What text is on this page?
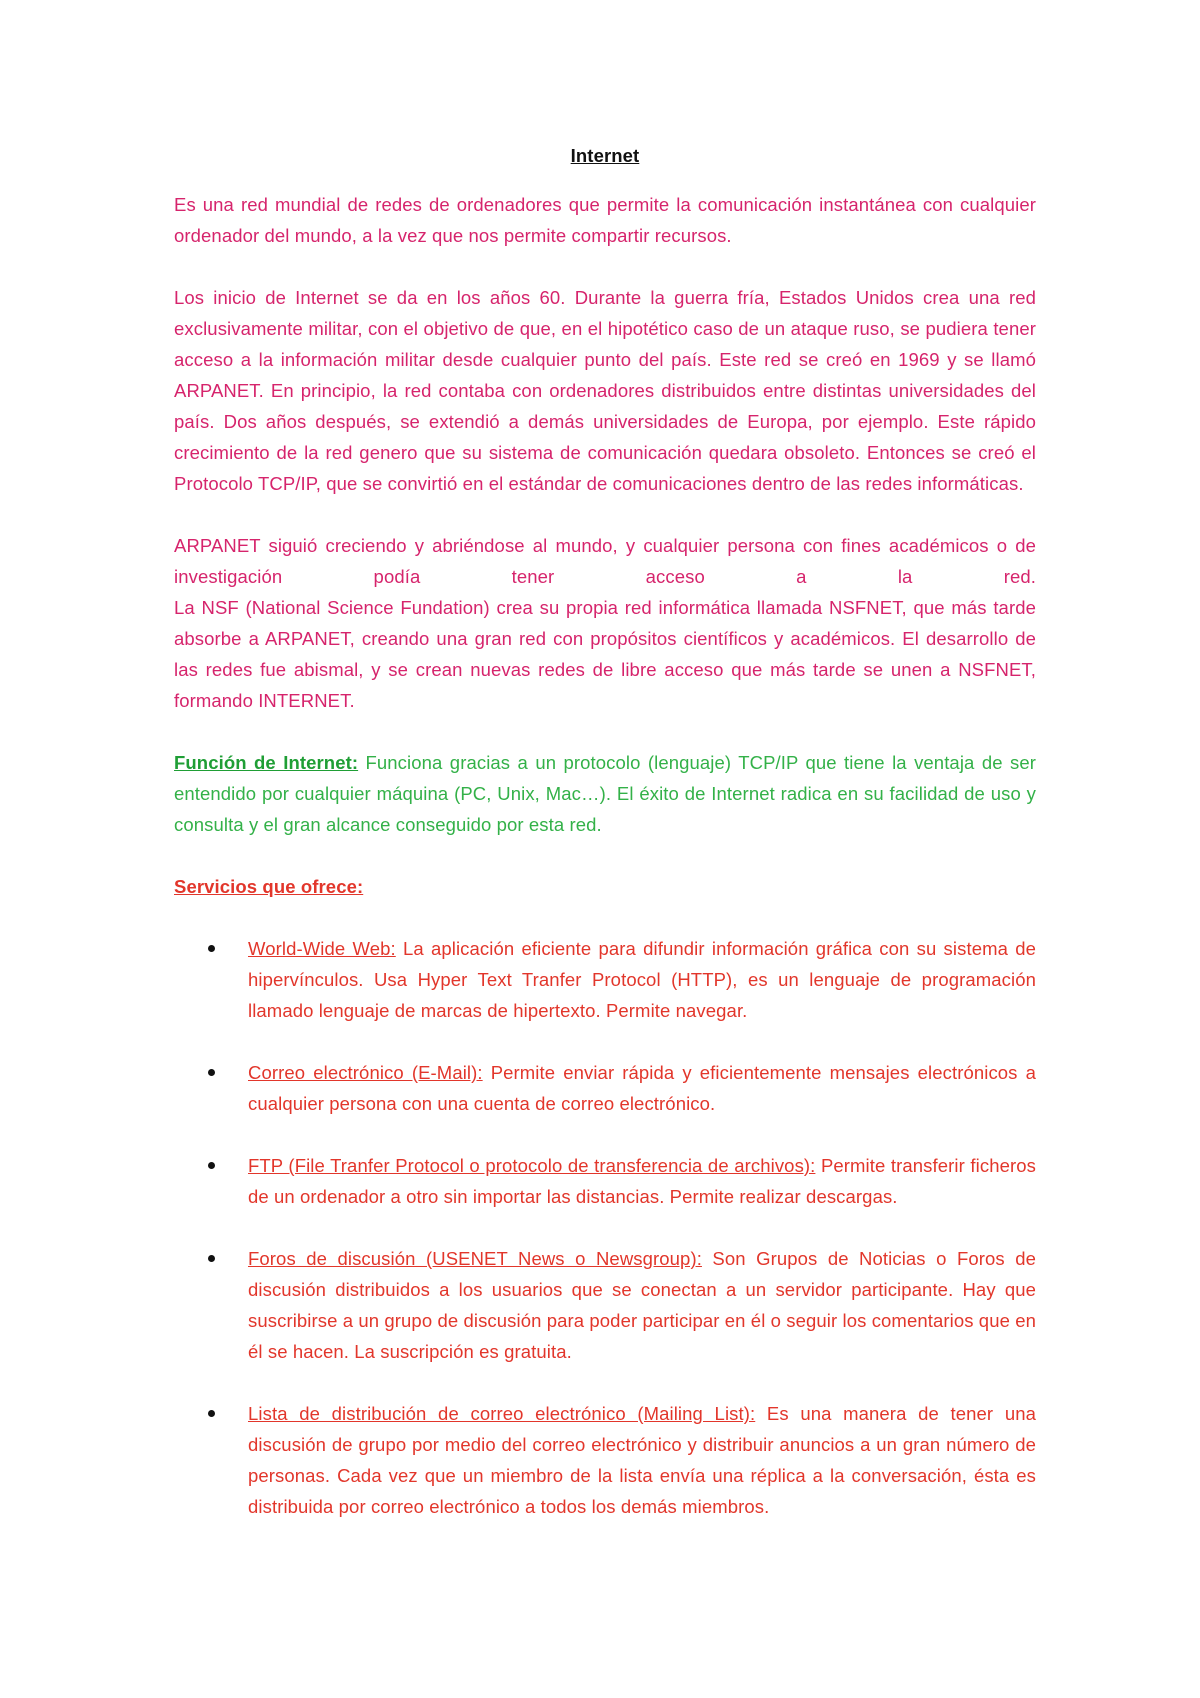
Internet

Es una red mundial de redes de ordenadores que permite la comunicación instantánea con cualquier ordenador del mundo, a la vez que nos permite compartir recursos.

Los inicio de Internet se da en los años 60. Durante la guerra fría, Estados Unidos crea una red exclusivamente militar, con el objetivo de que, en el hipotético caso de un ataque ruso, se pudiera tener acceso a la información militar desde cualquier punto del país. Este red se creó en 1969 y se llamó ARPANET. En principio, la red contaba con ordenadores distribuidos entre distintas universidades del país. Dos años después, se extendió a demás universidades de Europa, por ejemplo. Este rápido crecimiento de la red genero que su sistema de comunicación quedara obsoleto. Entonces se creó el Protocolo TCP/IP, que se convirtió en el estándar de comunicaciones dentro de las redes informáticas.

ARPANET siguió creciendo y abriéndose al mundo, y cualquier persona con fines académicos o de investigación podía tener acceso a la red.
La NSF (National Science Fundation) crea su propia red informática llamada NSFNET, que más tarde absorbe a ARPANET, creando una gran red con propósitos científicos y académicos. El desarrollo de las redes fue abismal, y se crean nuevas redes de libre acceso que más tarde se unen a NSFNET, formando INTERNET.

Función de Internet: Funciona gracias a un protocolo (lenguaje) TCP/IP que tiene la ventaja de ser entendido por cualquier máquina (PC, Unix, Mac…). El éxito de Internet radica en su facilidad de uso y consulta y el gran alcance conseguido por esta red.

Servicios que ofrece:
World-Wide Web: La aplicación eficiente para difundir información gráfica con su sistema de hipervínculos. Usa Hyper Text Tranfer Protocol (HTTP), es un lenguaje de programación llamado lenguaje de marcas de hipertexto. Permite navegar.
Correo electrónico (E-Mail): Permite enviar rápida y eficientemente mensajes electrónicos a cualquier persona con una cuenta de correo electrónico.
FTP (File Tranfer Protocol o protocolo de transferencia de archivos): Permite transferir ficheros de un ordenador a otro sin importar las distancias. Permite realizar descargas.
Foros de discusión (USENET News o Newsgroup): Son Grupos de Noticias o Foros de discusión distribuidos a los usuarios que se conectan a un servidor participante. Hay que suscribirse a un grupo de discusión para poder participar en él o seguir los comentarios que en él se hacen. La suscripción es gratuita.
Lista de distribución de correo electrónico (Mailing List): Es una manera de tener una discusión de grupo por medio del correo electrónico y distribuir anuncios a un gran número de personas. Cada vez que un miembro de la lista envía una réplica a la conversación, ésta es distribuida por correo electrónico a todos los demás miembros.
